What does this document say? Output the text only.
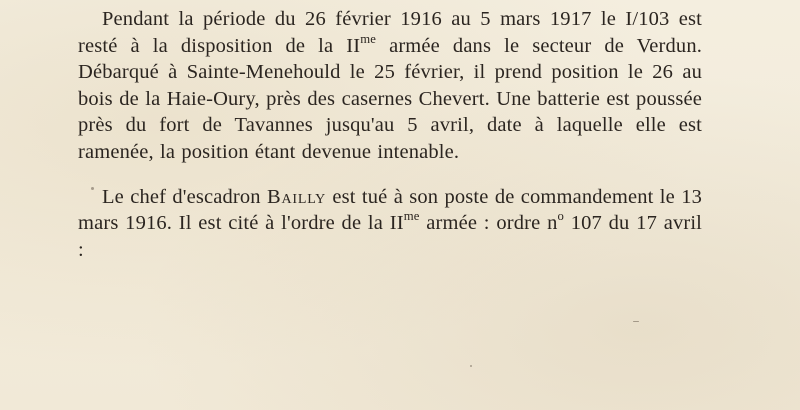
Pendant la période du 26 février 1916 au 5 mars 1917 le I/103 est resté à la disposition de la $II^{me}$ armée dans le secteur de Verdun. Débarqué à Sainte-Menehould le 25 février, il prend position le 26 au bois de la Haie-Oury, près des casernes Chevert. Une batterie est poussée près du fort de Tavannes jusqu'au 5 avril, date à laquelle elle est ramenée, la position étant devenue intenable.

Le chef d'escadron Bailly est tué à son poste de commandement le 13 mars 1916. Il est cité à l'ordre de la $II^{me}$ armée : ordre $n^o$ 107 du 17 avril :
